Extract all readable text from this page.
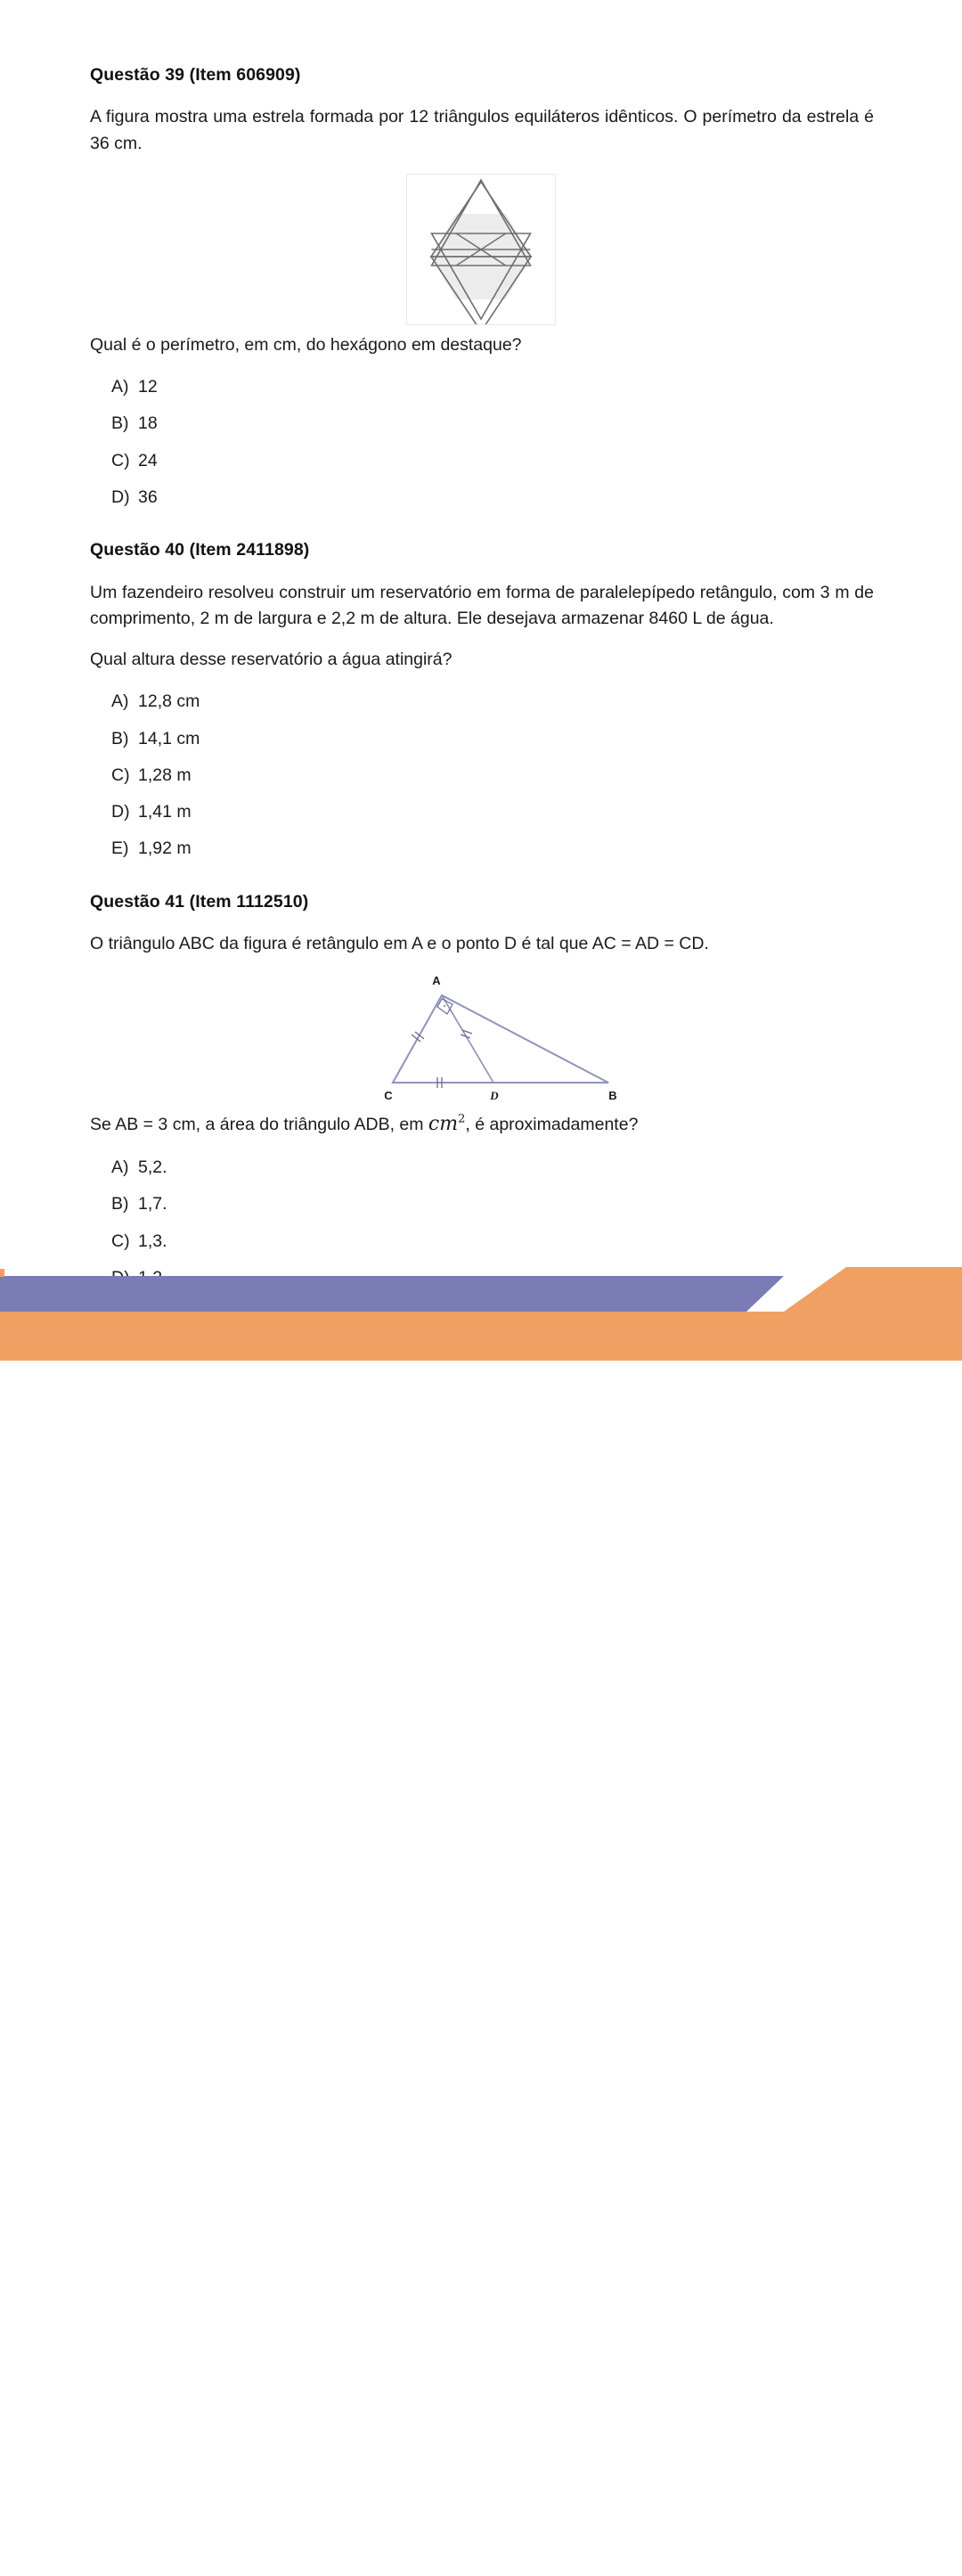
Questão 39 (Item 606909)

A figura mostra uma estrela formada por 12 triângulos equiláteros idênticos. O perímetro da estrela é 36 cm.

Qual é o perímetro, em cm, do hexágono em destaque?

A) 12
B) 18
C) 24
D) 36
Questão 40 (Item 2411898)

Um fazendeiro resolveu construir um reservatório em forma de paralelepípedo retângulo, com 3 m de comprimento, 2 m de largura e 2,2 m de altura. Ele desejava armazenar 8460 L de água.

Qual altura desse reservatório a água atingirá?

A) 12,8 cm
B) 14,1 cm
C) 1,28 m
D) 1,41 m
E) 1,92 m
Questão 41 (Item 1112510)

O triângulo ABC da figura é retângulo em A e o ponto D é tal que AC = AD = CD.

A
C	D	B

Se AB = 3 cm, a área do triângulo ADB, em $cm^2$, é aproximadamente?

A) 5,2.
B) 1,7.
C) 1,3.
95
